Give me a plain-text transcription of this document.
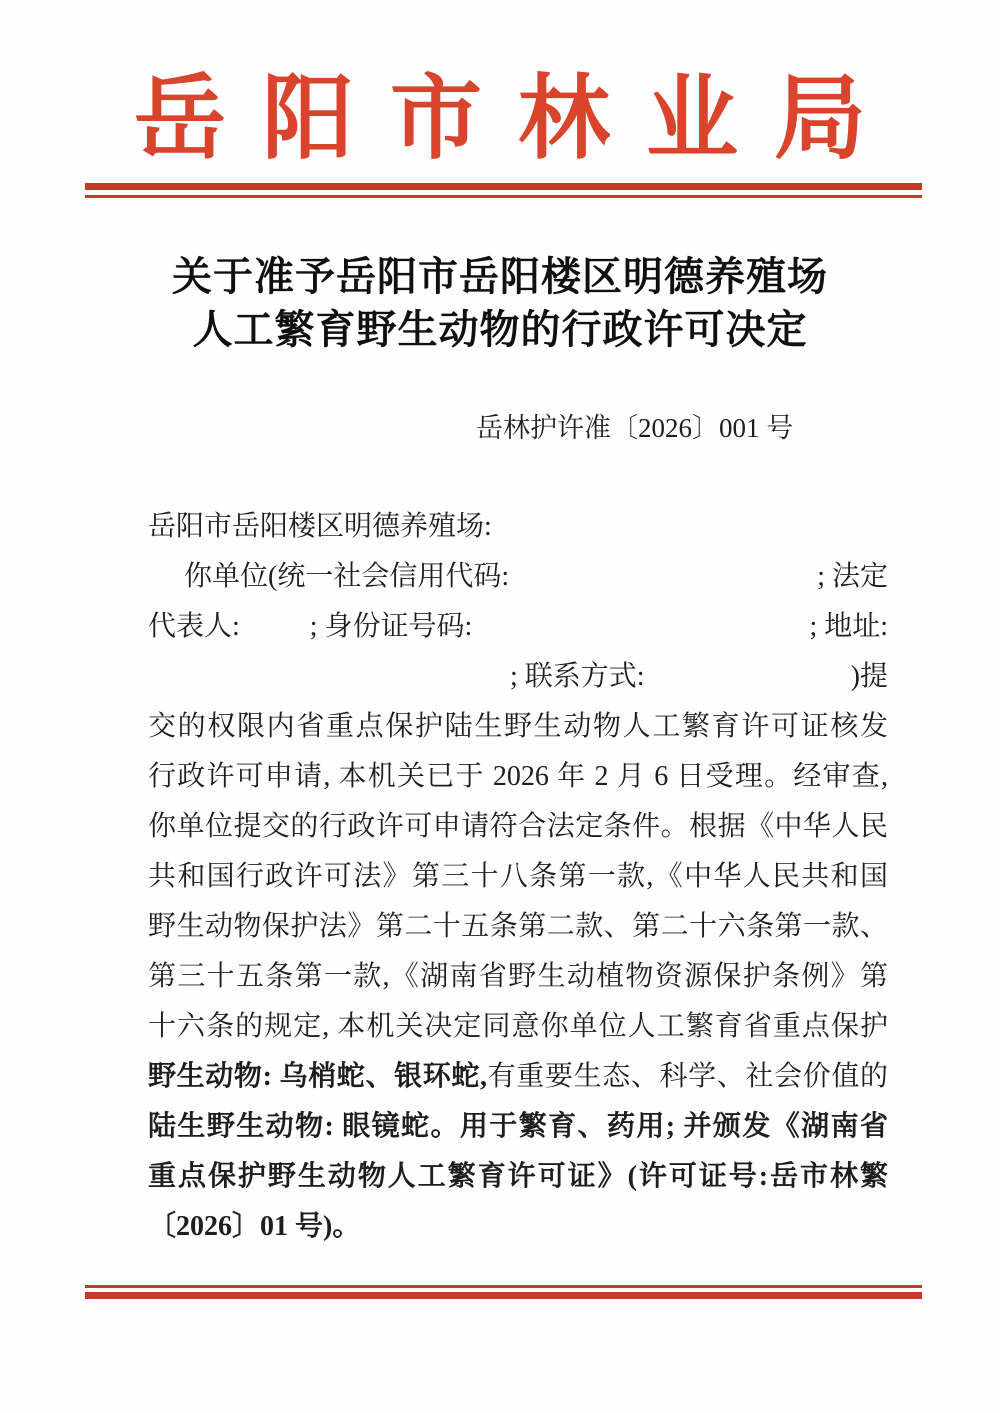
岳阳市林业局
关于准予岳阳市岳阳楼区明德养殖场
人工繁育野生动物的行政许可决定
岳林护许准〔2026〕001 号
岳阳市岳阳楼区明德养殖场:
你单位(统一社会信用代码:	; 法定
代表人:	; 身份证号码:	; 地址:
; 联系方式:	)提
交的权限内省重点保护陆生野生动物人工繁育许可证核发
行政许可申请, 本机关已于 2026 年 2 月 6 日受理。经审查,
你单位提交的行政许可申请符合法定条件。根据《中华人民
共和国行政许可法》第三十八条第一款,《中华人民共和国
野生动物保护法》第二十五条第二款、第二十六条第一款、
第三十五条第一款,《湖南省野生动植物资源保护条例》第
十六条的规定, 本机关决定同意你单位人工繁育省重点保护
野生动物: 乌梢蛇、银环蛇,有重要生态、科学、社会价值的
陆生野生动物: 眼镜蛇。用于繁育、药用; 并颁发《湖南省
重点保护野生动物人工繁育许可证》(许可证号:岳市林繁
〔2026〕01 号)。
